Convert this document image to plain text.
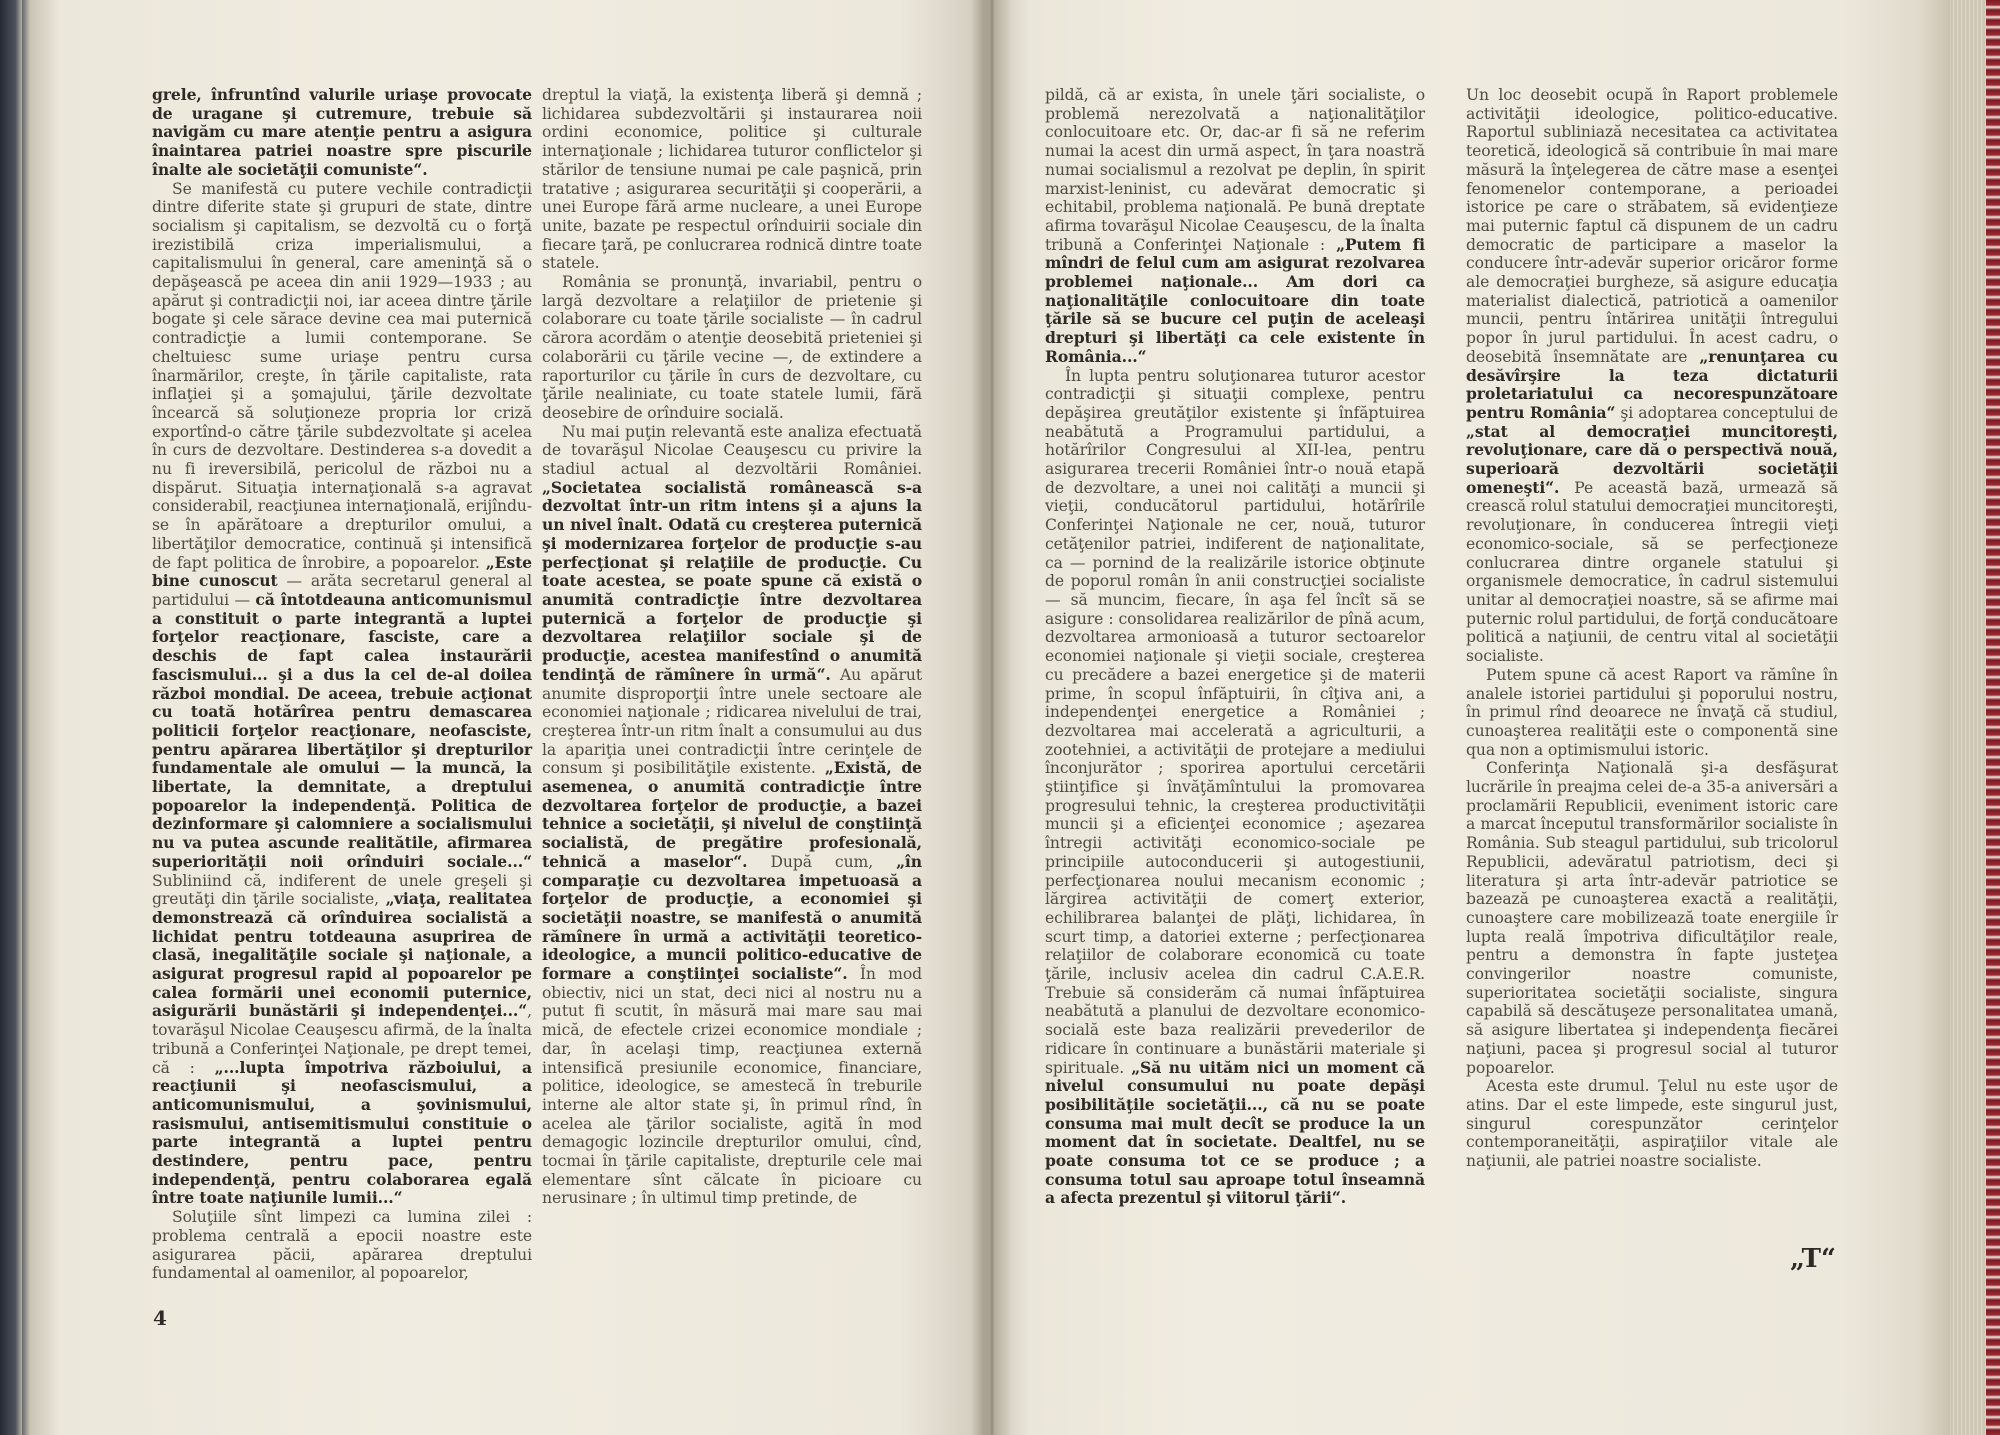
grele, înfruntînd valurile uriaşe provocate de uragane şi cutremure, trebuie să navigăm cu mare atenţie pentru a asigura înaintarea patriei noastre spre piscurile înalte ale societăţii comuniste“.

Se manifestă cu putere vechile contradicţii dintre diferite state şi grupuri de state, dintre socialism şi capitalism, se dezvoltă cu o forţă irezistibilă criza imperialismului, a capitalismului în general, care ameninţă să o depăşească pe aceea din anii 1929—1933 ; au apărut şi contradicţii noi, iar aceea dintre ţările bogate şi cele sărace devine cea mai puternică contradicţie a lumii contemporane. Se cheltuiesc sume uriaşe pentru cursa înarmărilor, creşte, în ţările capitaliste, rata inflaţiei şi a şomajului, ţările dezvoltate încearcă să soluţioneze propria lor criză exportînd-o către ţările subdezvoltate şi acelea în curs de dezvoltare. Destinderea s-a dovedit a nu fi ireversibilă, pericolul de război nu a dispărut. Situaţia internaţională s-a agravat considerabil, reacţiunea internaţională, erijîndu-se în apărătoare a drepturilor omului, a libertăţilor democratice, continuă şi intensifică de fapt politica de înrobire, a popoarelor. „Este bine cunoscut — arăta secretarul general al partidului — că întotdeauna anticomunismul a constituit o parte integrantă a luptei forţelor reacţionare, fasciste, care a deschis de fapt calea instaurării fascismului... şi a dus la cel de-al doilea război mondial. De aceea, trebuie acţionat cu toată hotărîrea pentru demascarea politicii forţelor reacţionare, neofasciste, pentru apărarea libertăţilor şi drepturilor fundamentale ale omului — la muncă, la libertate, la demnitate, a dreptului popoarelor la independenţă. Politica de dezinformare şi calomniere a socialismului nu va putea ascunde realitătile, afirmarea superiorităţii noii orînduiri sociale...“ Subliniind că, indiferent de unele greşeli şi greutăţi din ţările socialiste, „viaţa, realitatea demonstrează că orînduirea socialistă a lichidat pentru totdeauna asuprirea de clasă, inegalităţile sociale şi naţionale, a asigurat progresul rapid al popoarelor pe calea formării unei economii puternice, asigurării bunăstării şi independenţei...“, tovarăşul Nicolae Ceauşescu afirmă, de la înalta tribună a Conferinţei Naţionale, pe drept temei, că : „...lupta împotriva războiului, a reacţiunii şi neofascismului, a anticomunismului, a şovinismului, rasismului, antisemitismului constituie o parte integrantă a luptei pentru destindere, pentru pace, pentru independenţă, pentru colaborarea egală între toate naţiunile lumii...“

Soluţiile sînt limpezi ca lumina zilei : problema centrală a epocii noastre este asigurarea păcii, apărarea dreptului fundamental al oamenilor, al popoarelor,

dreptul la viaţă, la existenţa liberă şi demnă ; lichidarea subdezvoltării şi instaurarea noii ordini economice, politice şi culturale internaţionale ; lichidarea tuturor conflictelor şi stărilor de tensiune numai pe cale paşnică, prin tratative ; asigurarea securităţii şi cooperării, a unei Europe fără arme nucleare, a unei Europe unite, bazate pe respectul orînduirii sociale din fiecare ţară, pe conlucrarea rodnică dintre toate statele.

România se pronunţă, invariabil, pentru o largă dezvoltare a relaţiilor de prietenie şi colaborare cu toate ţările socialiste — în cadrul cărora acordăm o atenţie deosebită prieteniei şi colaborării cu ţările vecine —, de extindere a raporturilor cu ţările în curs de dezvoltare, cu ţările nealiniate, cu toate statele lumii, fără deosebire de orînduire socială.

Nu mai puţin relevantă este analiza efectuată de tovarăşul Nicolae Ceauşescu cu privire la stadiul actual al dezvoltării României. „Societatea socialistă românească s-a dezvoltat într-un ritm intens şi a ajuns la un nivel înalt. Odată cu creşterea puternică şi modernizarea forţelor de producţie s-au perfecţionat şi relaţiile de producţie. Cu toate acestea, se poate spune că există o anumită contradicţie între dezvoltarea puternică a forţelor de producţie şi dezvoltarea relaţiilor sociale şi de producţie, acestea manifestînd o anumită tendinţă de rămînere în urmă“. Au apărut anumite disproporţii între unele sectoare ale economiei naţionale ; ridicarea nivelului de trai, creşterea într-un ritm înalt a consumului au dus la apariţia unei contradicţii între cerinţele de consum şi posibilităţile existente. „Există, de asemenea, o anumită contradicţie între dezvoltarea forţelor de producţie, a bazei tehnice a societăţii, şi nivelul de conştiinţă socialistă, de pregătire profesională, tehnică a maselor“. După cum, „în comparaţie cu dezvoltarea impetuoasă a forţelor de producţie, a economiei şi societăţii noastre, se manifestă o anumită rămînere în urmă a activităţii teoretico-ideologice, a muncii politico-educative de formare a conştiinţei socialiste“. În mod obiectiv, nici un stat, deci nici al nostru nu a putut fi scutit, în măsură mai mare sau mai mică, de efectele crizei economice mondiale ; dar, în acelaşi timp, reacţiunea externă intensifică presiunile economice, financiare, politice, ideologice, se amestecă în treburile interne ale altor state şi, în primul rînd, în acelea ale ţărilor socialiste, agită în mod demagogic lozincile drepturilor omului, cînd, tocmai în ţările capitaliste, drepturile cele mai elementare sînt călcate în picioare cu nerusinare ; în ultimul timp pretinde, de

pildă, că ar exista, în unele ţări socialiste, o problemă nerezolvată a naţionalităţilor conlocuitoare etc. Or, dac-ar fi să ne referim numai la acest din urmă aspect, în ţara noastră numai socialismul a rezolvat pe deplin, în spirit marxist-leninist, cu adevărat democratic şi echitabil, problema naţională. Pe bună dreptate afirma tovarăşul Nicolae Ceauşescu, de la înalta tribună a Conferinţei Naţionale : „Putem fi mîndri de felul cum am asigurat rezolvarea problemei naţionale... Am dori ca naţionalităţile conlocuitoare din toate ţările să se bucure cel puţin de aceleaşi drepturi şi libertăţi ca cele existente în România...“

În lupta pentru soluţionarea tuturor acestor contradicţii şi situaţii complexe, pentru depăşirea greutăţilor existente şi înfăptuirea neabătută a Programului partidului, a hotărîrilor Congresului al XII-lea, pentru asigurarea trecerii României într-o nouă etapă de dezvoltare, a unei noi calităţi a muncii şi vieţii, conducătorul partidului, hotărîrile Conferinţei Naţionale ne cer, nouă, tuturor cetăţenilor patriei, indiferent de naţionalitate, ca — pornind de la realizările istorice obţinute de poporul român în anii construcţiei socialiste — să muncim, fiecare, în aşa fel încît să se asigure : consolidarea realizărilor de pînă acum, dezvoltarea armonioasă a tuturor sectoarelor economiei naţionale şi vieţii sociale, creşterea cu precădere a bazei energetice şi de materii prime, în scopul înfăptuirii, în cîţiva ani, a independenţei energetice a României ; dezvoltarea mai accelerată a agriculturii, a zootehniei, a activităţii de protejare a mediului înconjurător ; sporirea aportului cercetării ştiinţifice şi învăţămîntului la promovarea progresului tehnic, la creşterea productivităţii muncii şi a eficienţei economice ; aşezarea întregii activităţi economico-sociale pe principiile autoconducerii şi autogestiunii, perfecţionarea noului mecanism economic ; lărgirea activităţii de comerţ exterior, echilibrarea balanţei de plăţi, lichidarea, în scurt timp, a datoriei externe ; perfecţionarea relaţiilor de colaborare economică cu toate ţările, inclusiv acelea din cadrul C.A.E.R. Trebuie să considerăm că numai înfăptuirea neabătută a planului de dezvoltare economico-socială este baza realizării prevederilor de ridicare în continuare a bunăstării materiale şi spirituale. „Să nu uităm nici un moment că nivelul consumului nu poate depăşi posibilităţile societăţii..., că nu se poate consuma mai mult decît se produce la un moment dat în societate. Dealtfel, nu se poate consuma tot ce se produce ; a consuma totul sau aproape totul înseamnă a afecta prezentul şi viitorul ţării“.

Un loc deosebit ocupă în Raport problemele activităţii ideologice, politico-educative. Raportul subliniază necesitatea ca activitatea teoretică, ideologică să contribuie în mai mare măsură la înţelegerea de către mase a esenţei fenomenelor contemporane, a perioadei istorice pe care o străbatem, să evidenţieze mai puternic faptul că dispunem de un cadru democratic de participare a maselor la conducere într-adevăr superior oricăror forme ale democraţiei burgheze, să asigure educaţia materialist dialectică, patriotică a oamenilor muncii, pentru întărirea unităţii întregului popor în jurul partidului. În acest cadru, o deosebită însemnătate are „renunţarea cu desăvîrşire la teza dictaturii proletariatului ca necorespunzătoare pentru România“ şi adoptarea conceptului de „stat al democraţiei muncitoreşti, revoluţionare, care dă o perspectivă nouă, superioară dezvoltării societăţii omeneşti“. Pe această bază, urmează să crească rolul statului democraţiei muncitoreşti, revoluţionare, în conducerea întregii vieţi economico-sociale, să se perfecţioneze conlucrarea dintre organele statului şi organismele democratice, în cadrul sistemului unitar al democraţiei noastre, să se afirme mai puternic rolul partidului, de forţă conducătoare politică a naţiunii, de centru vital al societăţii socialiste.

Putem spune că acest Raport va rămîne în analele istoriei partidului şi poporului nostru, în primul rînd deoarece ne învaţă că studiul, cunoaşterea realităţii este o componentă sine qua non a optimismului istoric.

Conferinţa Naţională şi-a desfăşurat lucrările în preajma celei de-a 35-a aniversări a proclamării Republicii, eveniment istoric care a marcat începutul transformărilor socialiste în România. Sub steagul partidului, sub tricolorul Republicii, adevăratul patriotism, deci şi literatura şi arta într-adevăr patriotice se bazează pe cunoaşterea exactă a realităţii, cunoaştere care mobilizează toate energiile îr lupta reală împotriva dificultăţilor reale, pentru a demonstra în fapte justeţea convingerilor noastre comuniste, superioritatea societăţii socialiste, singura capabilă să descătuşeze personalitatea umană, să asigure libertatea şi independenţa fiecărei naţiuni, pacea şi progresul social al tuturor popoarelor.

Acesta este drumul. Ţelul nu este uşor de atins. Dar el este limpede, este singurul just, singurul corespunzător cerinţelor contemporaneităţii, aspiraţiilor vitale ale naţiunii, ale patriei noastre socialiste.

4
„T“
